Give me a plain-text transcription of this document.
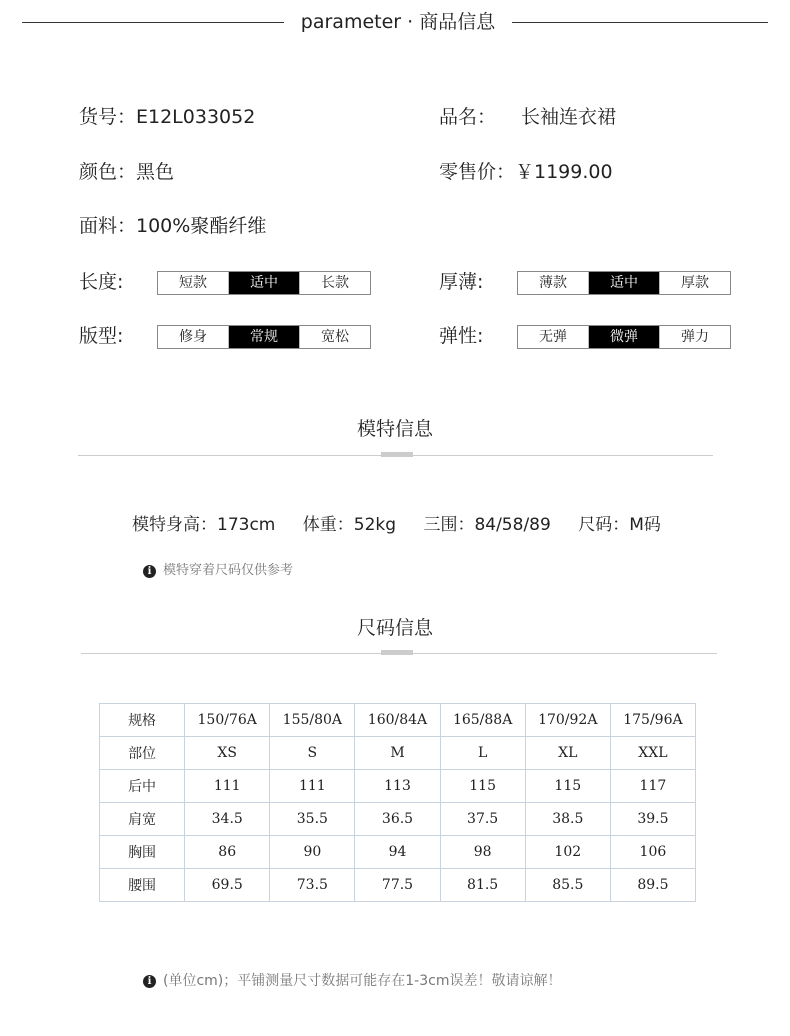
parameter · 商品信息
货号：E12L033052	品名： 长袖连衣裙
颜色：黑色	零售价：￥1199.00
面料：100%聚酯纤维
长度:	短款	适中	长款	厚薄:	薄款	适中	厚款
版型:	修身	常规	宽松	弹性:	无弹	微弹	弹力
模特信息
模特身高：173cm 体重：52kg 三围：84/58/89 尺码：M码
i 模特穿着尺码仅供参考
尺码信息
规格	150/76A	155/80A	160/84A	165/88A	170/92A	175/96A
部位	XS	S	M	L	XL	XXL
后中	111	111	113	115	115	117
肩宽	34.5	35.5	36.5	37.5	38.5	39.5
胸围	86	90	94	98	102	106
腰围	69.5	73.5	77.5	81.5	85.5	89.5
i (单位cm)；平铺测量尺寸数据可能存在1-3cm误差！敬请谅解！
